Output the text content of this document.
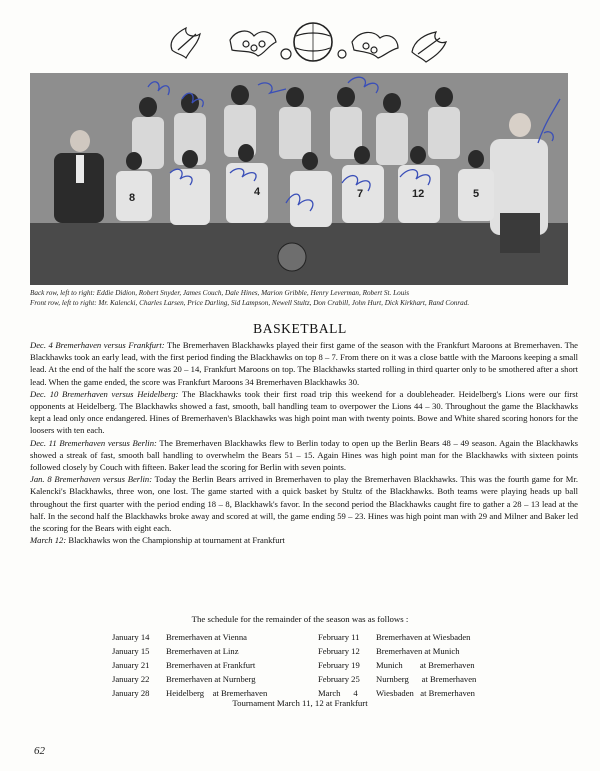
8	4	7	12	5
Back row, left to right: Eddie Didion, Robert Snyder, James Couch, Dale Hines, Marion Gribble, Henry Leverman, Robert St. Louis
Front row, left to right: Mr. Kalencki, Charles Larsen, Price Darling, Sid Lampson, Newell Stultz, Don Crabill, John Hurt, Dick Kirkhart, Rand Conrad.
BASKETBALL

Dec. 4 Bremerhaven versus Frankfurt: The Bremerhaven Blackhawks played their first game of the season with the Frankfurt Maroons at Bremerhaven. The Blackhawks took an early lead, with the first period finding the Blackhawks on top 8 – 7. From there on it was a close battle with the Maroons keeping a small lead. At the end of the half the score was 20 – 14, Frankfurt Maroons on top. The Blackhawks started rolling in third quarter only to be smothered after a short lead. When the game ended, the score was Frankfurt Maroons 34 Bremerhaven Blackhawks 30.

Dec. 10 Bremerhaven versus Heidelberg: The Blackhawks took their first road trip this weekend for a doubleheader. Heidelberg's Lions were our first opponents at Heidelberg. The Blackhawks showed a fast, smooth, ball handling team to overpower the Lions 44 – 30. Throughout the game the Blackhawks kept a lead only once endangered. Hines of Bremerhaven's Blackhawks was high point man with twenty points. Bowe and White shared scoring honors for the loosers with ten each.

Dec. 11 Bremerhaven versus Berlin: The Bremerhaven Blackhawks flew to Berlin today to open up the Berlin Bears 48 – 49 season. Again the Blackhawks showed a streak of fast, smooth ball handling to overwhelm the Bears 51 – 15. Again Hines was high point man for the Blackhawks with sixteen points followed closely by Couch with fifteen. Baker lead the scoring for Berlin with seven points.

Jan. 8 Bremerhaven versus Berlin: Today the Berlin Bears arrived in Bremerhaven to play the Bremerhaven Blackhawks. This was the fourth game for Mr. Kalencki's Blackhawks, three won, one lost. The game started with a quick basket by Stultz of the Blackhawks. Both teams were playing heads up ball throughout the first quarter with the period ending 18 – 8, Blackhawk's favor. In the second period the Blackhawks caught fire to gather a 28 – 13 lead at the half. In the second half the Blackhawks broke away and scored at will, the game ending 59 – 23. Hines was high point man with 29 and Milner and Baker led the scoring for the Bears with eight each.

March 12: Blackhawks won the Championship at tournament at Frankfurt

The schedule for the remainder of the season was as follows :
January 14 Bremerhaven at Vienna
January 15 Bremerhaven at Linz
January 21 Bremerhaven at Frankfurt
January 22 Bremerhaven at Nurnberg
January 28 Heidelberg    at Bremerhaven
February 11 Bremerhaven at Wiesbaden
February 12 Bremerhaven at Munich
February 19 Munich        at Bremerhaven
February 25 Nurnberg      at Bremerhaven
March      4 Wiesbaden   at Bremerhaven
Tournament March 11, 12 at Frankfurt
62
